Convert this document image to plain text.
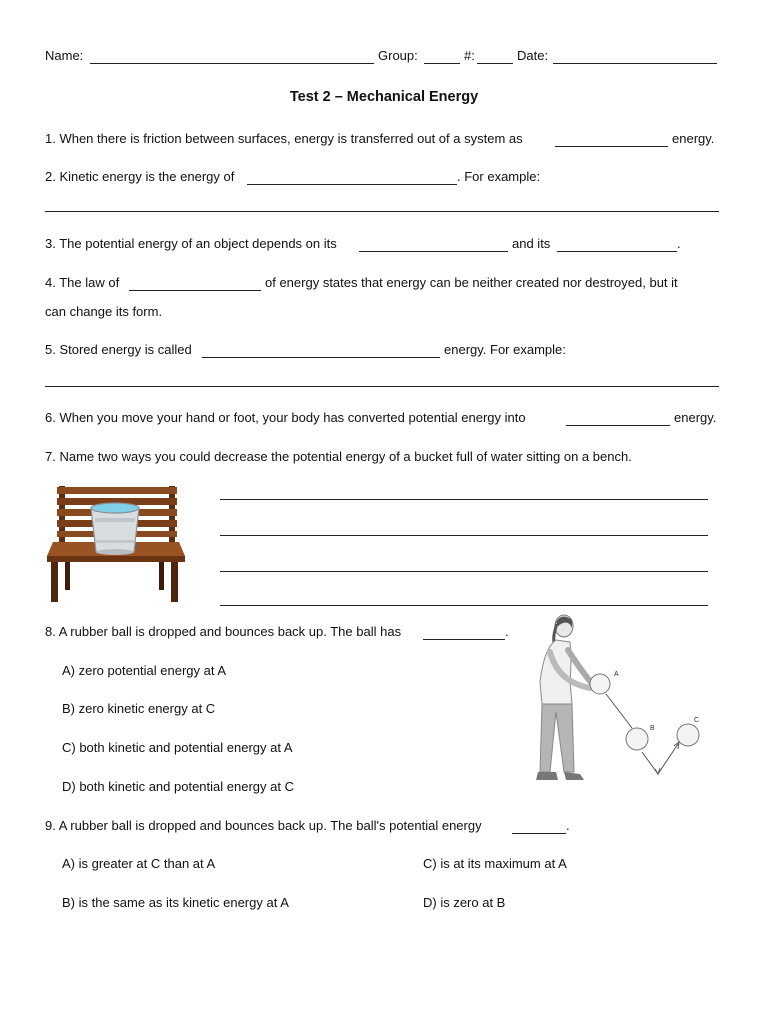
Name:	Group:	#:	Date:
Test 2 – Mechanical Energy
1. When there is friction between surfaces, energy is transferred out of a system as	energy.
2. Kinetic energy is the energy of	. For example:
3. The potential energy of an object depends on its	and its	.
4. The law of	of energy states that energy can be neither created nor destroyed, but it
can change its form.
5. Stored energy is called	energy. For example:
6. When you move your hand or foot, your body has converted potential energy into	energy.
7. Name two ways you could decrease the potential energy of a bucket full of water sitting on a bench.
8. A rubber ball is dropped and bounces back up. The ball has	.
A) zero potential energy at A
B) zero kinetic energy at C
C) both kinetic and potential energy at A
D) both kinetic and potential energy at C
A
B
C
9. A rubber ball is dropped and bounces back up. The ball's potential energy	.
A) is greater at C than at A
B) is the same as its kinetic energy at A
C) is at its maximum at A
D) is zero at B
